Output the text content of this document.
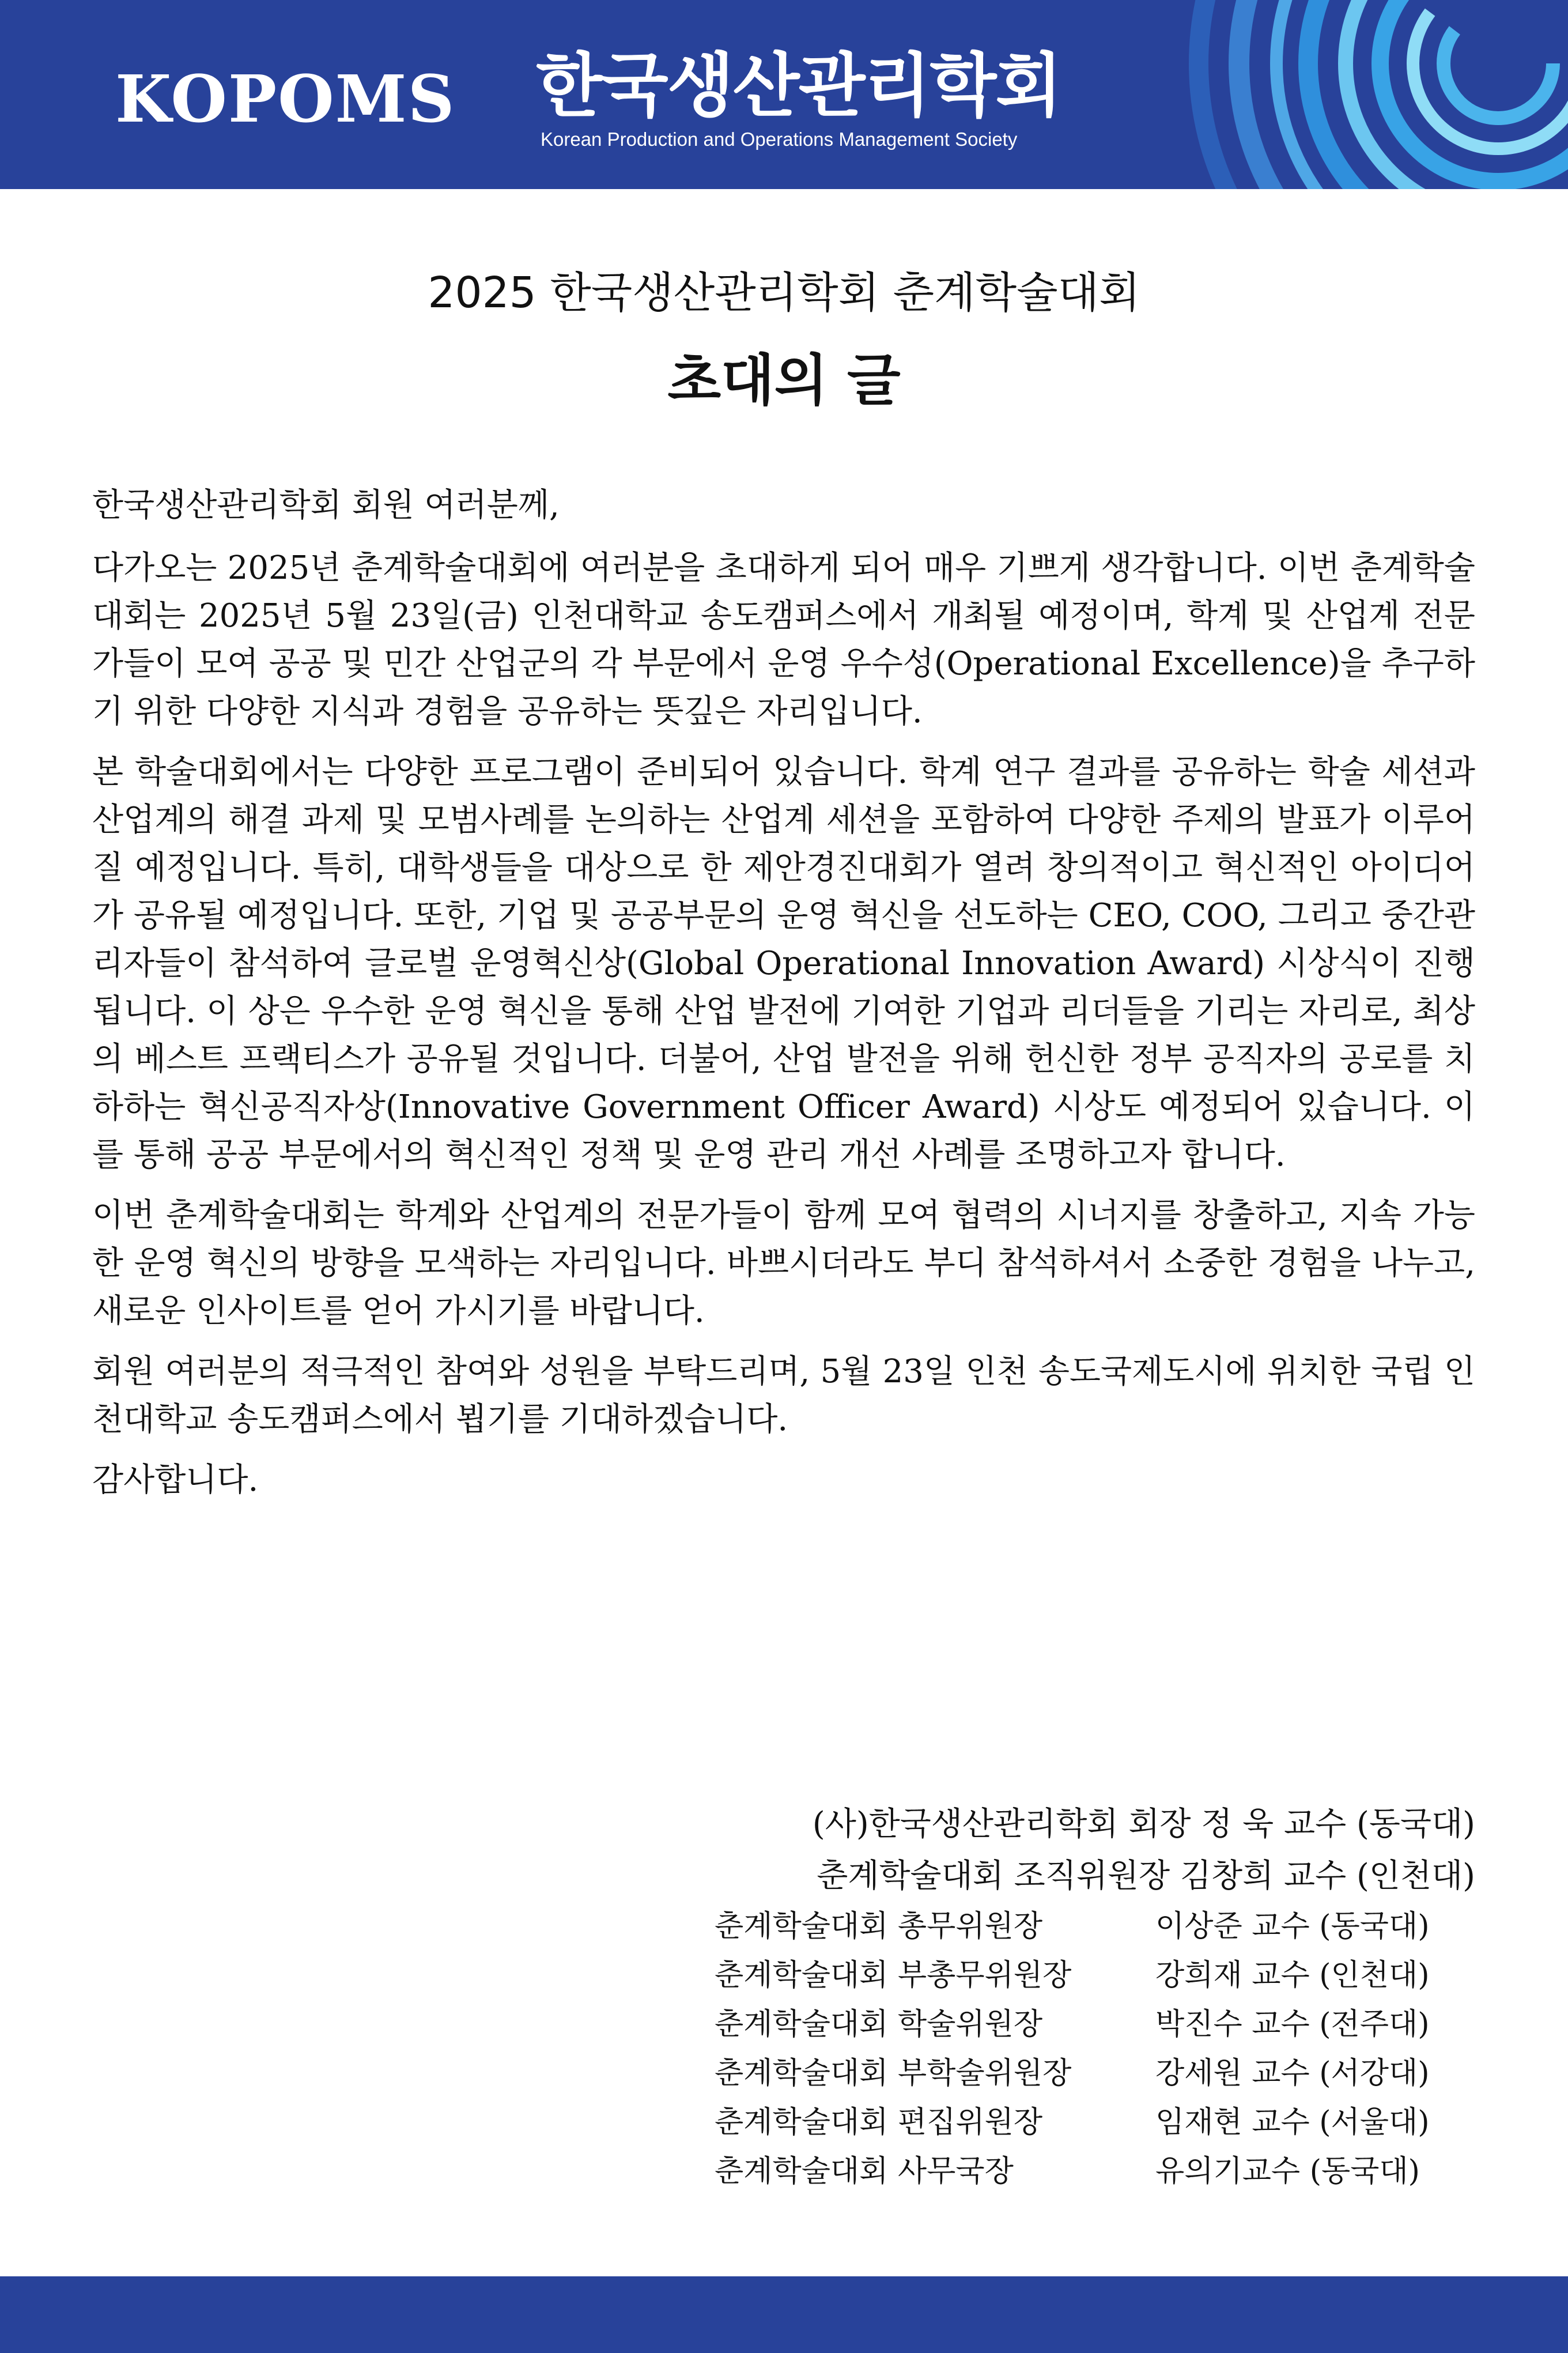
KOPOMS 한국생산관리학회
Korean Production and Operations Management Society
2025 한국생산관리학회 춘계학술대회
초대의 글

한국생산관리학회 회원 여러분께,

다가오는 2025년 춘계학술대회에 여러분을 초대하게 되어 매우 기쁘게 생각합니다. 이번 춘계학술대회는 2025년 5월 23일(금) 인천대학교 송도캠퍼스에서 개최될 예정이며, 학계 및 산업계 전문가들이 모여 공공 및 민간 산업군의 각 부문에서 운영 우수성(Operational Excellence)을 추구하기 위한 다양한 지식과 경험을 공유하는 뜻깊은 자리입니다.

본 학술대회에서는 다양한 프로그램이 준비되어 있습니다. 학계 연구 결과를 공유하는 학술 세션과 산업계의 해결 과제 및 모범사례를 논의하는 산업계 세션을 포함하여 다양한 주제의 발표가 이루어질 예정입니다. 특히, 대학생들을 대상으로 한 제안경진대회가 열려 창의적이고 혁신적인 아이디어가 공유될 예정입니다. 또한, 기업 및 공공부문의 운영 혁신을 선도하는 CEO, COO, 그리고 중간관리자들이 참석하여 글로벌 운영혁신상(Global Operational Innovation Award) 시상식이 진행됩니다. 이 상은 우수한 운영 혁신을 통해 산업 발전에 기여한 기업과 리더들을 기리는 자리로, 최상의 베스트 프랙티스가 공유될 것입니다. 더불어, 산업 발전을 위해 헌신한 정부 공직자의 공로를 치하하는 혁신공직자상(Innovative Government Officer Award) 시상도 예정되어 있습니다. 이를 통해 공공 부문에서의 혁신적인 정책 및 운영 관리 개선 사례를 조명하고자 합니다.

이번 춘계학술대회는 학계와 산업계의 전문가들이 함께 모여 협력의 시너지를 창출하고, 지속 가능한 운영 혁신의 방향을 모색하는 자리입니다. 바쁘시더라도 부디 참석하셔서 소중한 경험을 나누고, 새로운 인사이트를 얻어 가시기를 바랍니다.

회원 여러분의 적극적인 참여와 성원을 부탁드리며, 5월 23일 인천 송도국제도시에 위치한 국립 인천대학교 송도캠퍼스에서 뵙기를 기대하겠습니다.

감사합니다.

(사)한국생산관리학회 회장 정 욱 교수 (동국대)
춘계학술대회 조직위원장 김창희 교수 (인천대)
춘계학술대회 총무위원장	이상준 교수 (동국대)
춘계학술대회 부총무위원장	강희재 교수 (인천대)
춘계학술대회 학술위원장	박진수 교수 (전주대)
춘계학술대회 부학술위원장	강세원 교수 (서강대)
춘계학술대회 편집위원장	임재현 교수 (서울대)
춘계학술대회 사무국장	유의기교수 (동국대)
